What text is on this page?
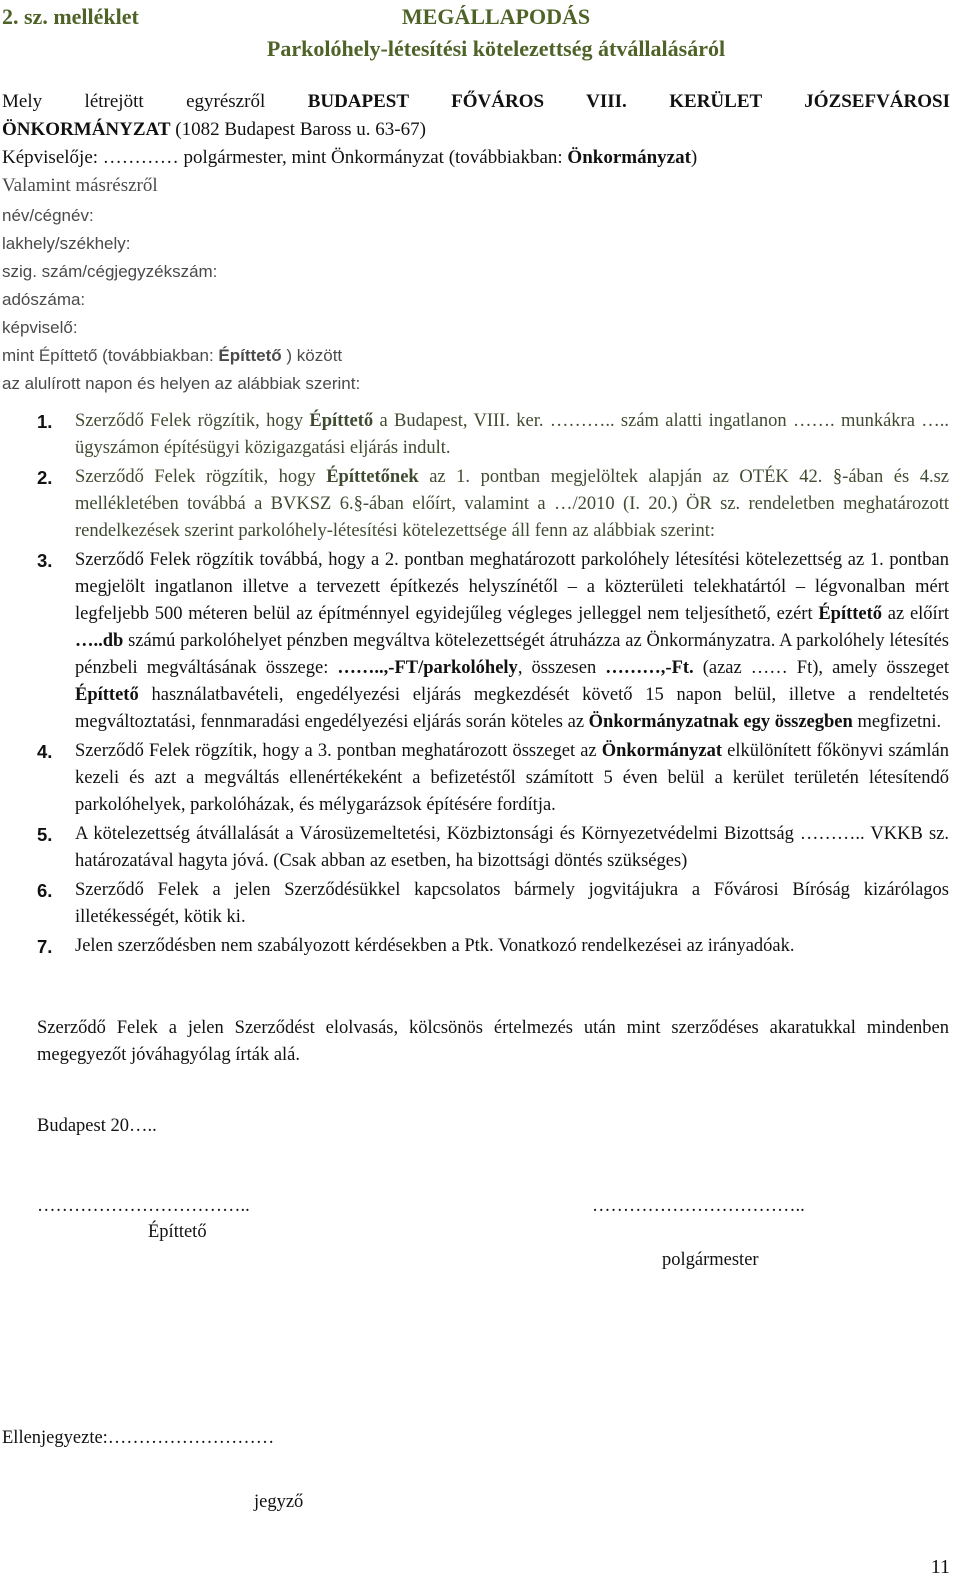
2. sz. melléklet	MEGÁLLAPODÁS
Parkolóhely-létesítési kötelezettség átvállalásáról
Mely létrejött egyrészről BUDAPEST FŐVÁROS VIII. KERÜLET JÓZSEFVÁROSI
ÖNKORMÁNYZAT (1082 Budapest Baross u. 63-67)
Képviselője: ………… polgármester, mint Önkormányzat (továbbiakban: Önkormányzat)
Valamint másrészről
név/cégnév:
lakhely/székhely:
szig. szám/cégjegyzékszám:
adószáma:
képviselő:
mint Építtető (továbbiakban: Építtető ) között
az alulírott napon és helyen az alábbiak szerint:
1.	Szerződő Felek rögzítik, hogy Építtető a Budapest, VIII. ker. ……….. szám alatti ingatlanon ……. munkákra ….. ügyszámon építésügyi közigazgatási eljárás indult.
2.	Szerződő Felek rögzítik, hogy Építtetőnek az 1. pontban megjelöltek alapján az OTÉK 42. §-ában és 4.sz mellékletében továbbá a BVKSZ 6.§-ában előírt, valamint a …/2010 (I. 20.) ÖR sz. rendeletben meghatározott rendelkezések szerint parkolóhely-létesítési kötelezettsége áll fenn az alábbiak szerint:
3.	Szerződő Felek rögzítik továbbá, hogy a 2. pontban meghatározott parkolóhely létesítési kötelezettség az 1. pontban megjelölt ingatlanon illetve a tervezett építkezés helyszínétől – a közterületi telekhatártól – légvonalban mért legfeljebb 500 méteren belül az építménnyel egyidejűleg végleges jelleggel nem teljesíthető, ezért Építtető az előírt …..db számú parkolóhelyet pénzben megváltva kötelezettségét átruházza az Önkormányzatra. A parkolóhely létesítés pénzbeli megváltásának összege: ……..,-FT/parkolóhely, összesen ………,-Ft. (azaz …… Ft), amely összeget Építtető használatbavételi, engedélyezési eljárás megkezdését követő 15 napon belül, illetve a rendeltetés megváltoztatási, fennmaradási engedélyezési eljárás során köteles az Önkormányzatnak egy összegben megfizetni.
4.	Szerződő Felek rögzítik, hogy a 3. pontban meghatározott összeget az Önkormányzat elkülönített főkönyvi számlán kezeli és azt a megváltás ellenértékeként a befizetéstől számított 5 éven belül a kerület területén létesítendő parkolóhelyek, parkolóházak, és mélygarázsok építésére fordítja.
5.	A kötelezettség átvállalását a Városüzemeltetési, Közbiztonsági és Környezetvédelmi Bizottság ……….. VKKB sz. határozatával hagyta jóvá. (Csak abban az esetben, ha bizottsági döntés szükséges)
6.	Szerződő Felek a jelen Szerződésükkel kapcsolatos bármely jogvitájukra a Fővárosi Bíróság kizárólagos illetékességét, kötik ki.
7.	Jelen szerződésben nem szabályozott kérdésekben a Ptk. Vonatkozó rendelkezései az irányadóak.
Szerződő Felek a jelen Szerződést elolvasás, kölcsönös értelmezés után mint szerződéses akaratukkal mindenben megegyezőt jóváhagyólag írták alá.
Budapest 20…..
……………………………..
Építtető
……………………………..
polgármester
Ellenjegyezte:………………………
jegyző
11
